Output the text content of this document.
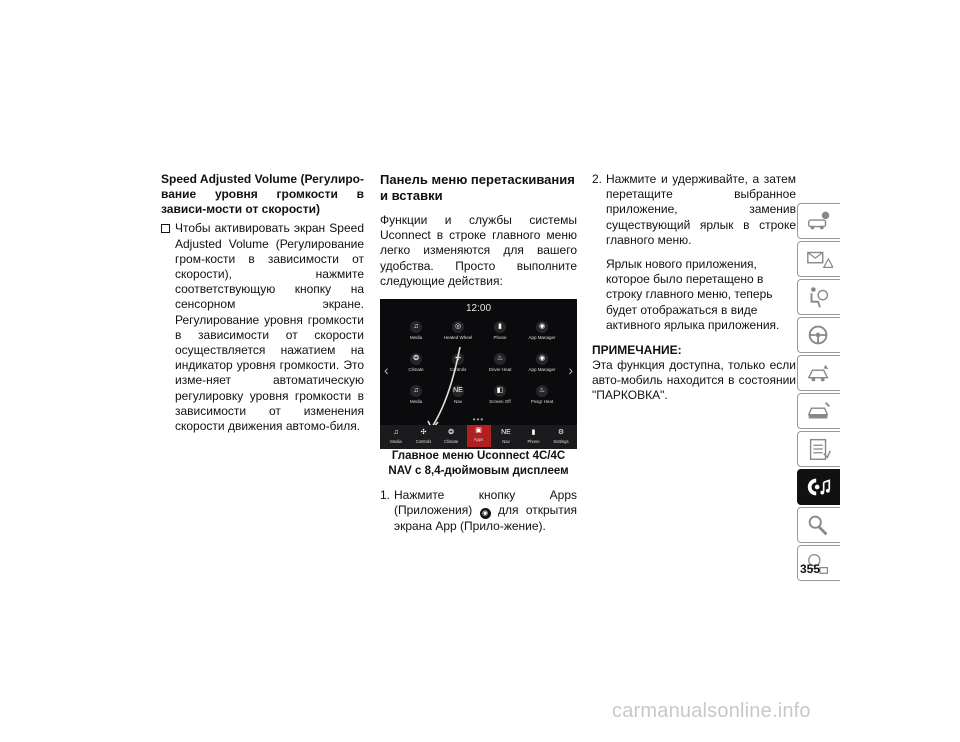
Speed Adjusted Volume (Регулиро-вание уровня громкости в зависи-мости от скорости)

Чтобы активировать экран Speed Adjusted Volume (Регулирование гром-кости в зависимости от скорости), нажмите соответствующую кнопку на сенсорном экране. Регулирование уровня громкости в зависимости от скорости осуществляется нажатием на индикатор уровня громкости. Это изме-няет автоматическую регулировку уровня громкости в зависимости от изменения скорости движения автомо-биля.

Панель меню перетаскивания и вставки

Функции и службы системы Uconnect в строке главного меню легко изменяются для вашего удобства. Просто выполните следующие действия:

12:00
‹	›
♫
Media
◎
Heated Wheel
▮
Phone
◉
App Manager
❂
Climate
✣
Controls
♨
Driver Heat
◉
App Manager
♫
Media
NE
Nav
◧
Screen Off
♨
Pssgr Heat
•••
♫
Media
✣
Controls
❂
Climate
▣
Apps
NE
Nav
▮
Phone
⚙
Settings

Главное меню Uconnect 4C/4C NAV с 8,4-дюймовым дисплеем

1. Нажмите кнопку Apps (Приложения) ◉ для открытия экрана App (Прило-жение).
2. Нажмите и удерживайте, а затем перетащите выбранное приложение, заменив существующий ярлык в строке главного меню.

Ярлык нового приложения, которое было перетащено в строку главного меню, теперь будет отображаться в виде активного ярлыка приложения.

ПРИМЕЧАНИЕ:

Эта функция доступна, только если авто-мобиль находится в состоянии "ПАРКОВКА".

355
carmanualsonline.info
